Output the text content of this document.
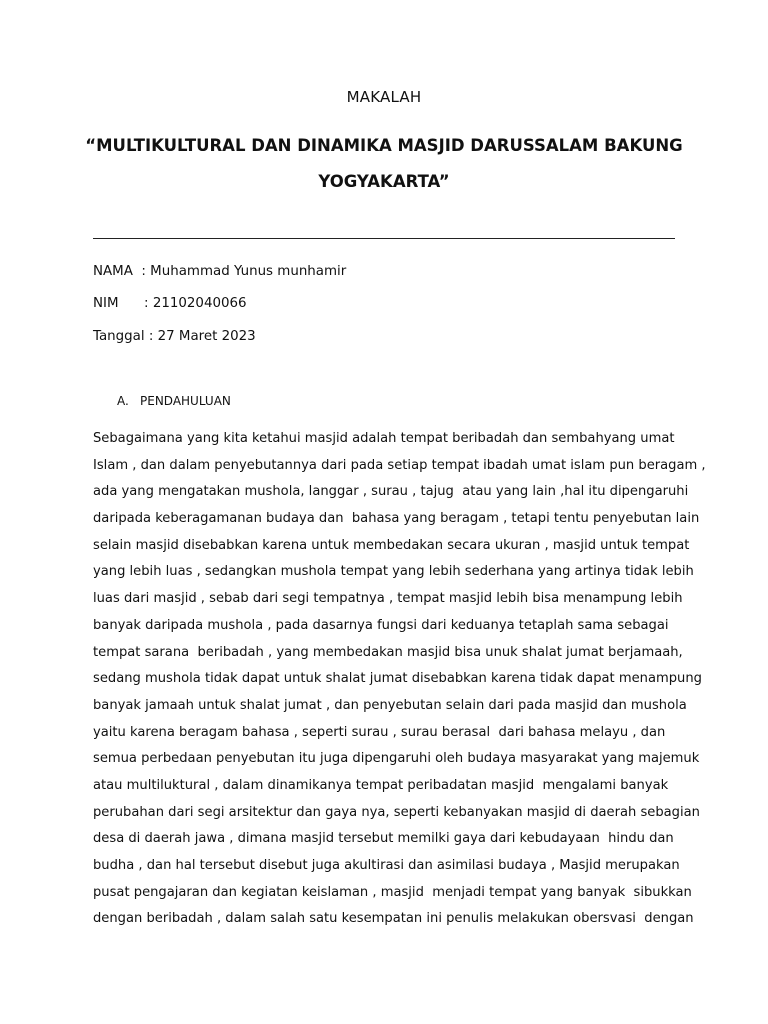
MAKALAH
“MULTIKULTURAL DAN DINAMIKA MASJID DARUSSALAM BAKUNG YOGYAKARTA”
NAMA  : Muhammad Yunus munhamir
NIM      : 21102040066
Tanggal : 27 Maret 2023
A. PENDAHULUAN
Sebagaimana yang kita ketahui masjid adalah tempat beribadah dan sembahyang umat
Islam , dan dalam penyebutannya dari pada setiap tempat ibadah umat islam pun beragam ,
ada yang mengatakan mushola, langgar , surau , tajug  atau yang lain ,hal itu dipengaruhi
daripada keberagamanan budaya dan  bahasa yang beragam , tetapi tentu penyebutan lain
selain masjid disebabkan karena untuk membedakan secara ukuran , masjid untuk tempat
yang lebih luas , sedangkan mushola tempat yang lebih sederhana yang artinya tidak lebih
luas dari masjid , sebab dari segi tempatnya , tempat masjid lebih bisa menampung lebih
banyak daripada mushola , pada dasarnya fungsi dari keduanya tetaplah sama sebagai
tempat sarana  beribadah , yang membedakan masjid bisa unuk shalat jumat berjamaah,
sedang mushola tidak dapat untuk shalat jumat disebabkan karena tidak dapat menampung
banyak jamaah untuk shalat jumat , dan penyebutan selain dari pada masjid dan mushola
yaitu karena beragam bahasa , seperti surau , surau berasal  dari bahasa melayu , dan
semua perbedaan penyebutan itu juga dipengaruhi oleh budaya masyarakat yang majemuk
atau multiluktural , dalam dinamikanya tempat peribadatan masjid  mengalami banyak
perubahan dari segi arsitektur dan gaya nya, seperti kebanyakan masjid di daerah sebagian
desa di daerah jawa , dimana masjid tersebut memilki gaya dari kebudayaan  hindu dan
budha , dan hal tersebut disebut juga akultirasi dan asimilasi budaya , Masjid merupakan
pusat pengajaran dan kegiatan keislaman , masjid  menjadi tempat yang banyak  sibukkan
dengan beribadah , dalam salah satu kesempatan ini penulis melakukan obersvasi  dengan
